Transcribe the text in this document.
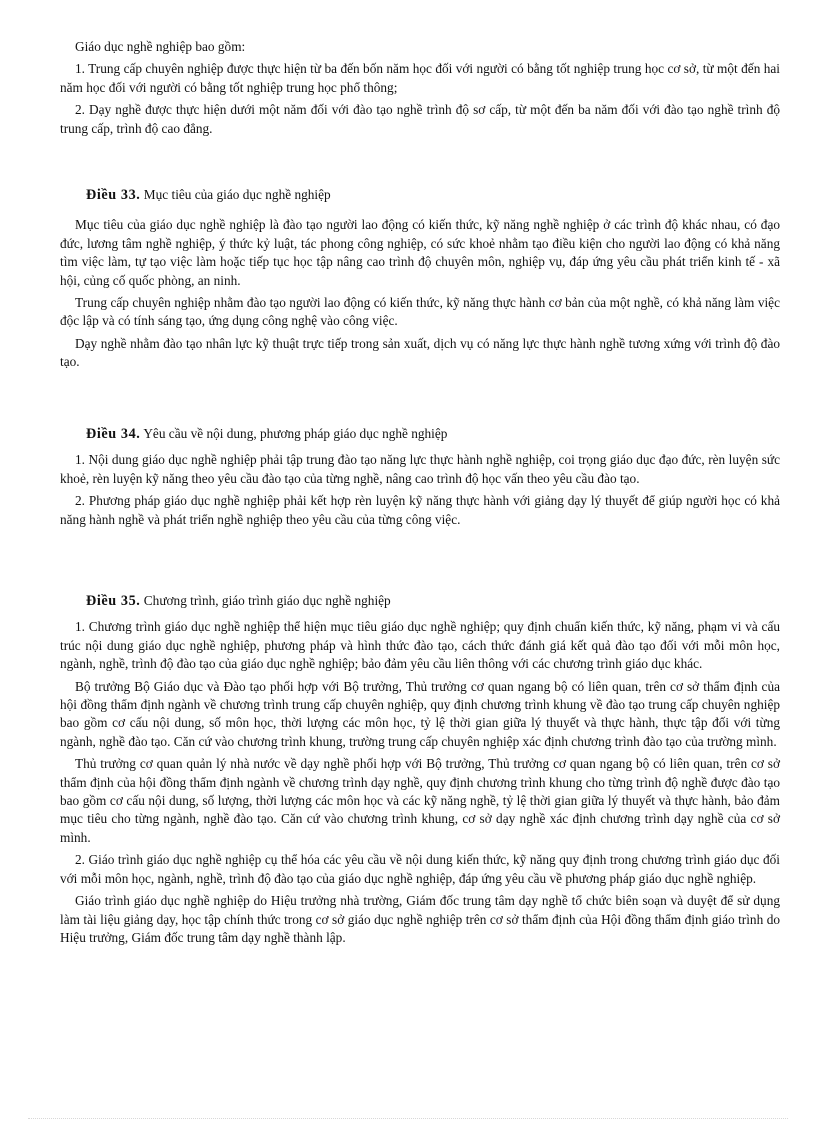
Giáo dục nghề nghiệp bao gồm:

1. Trung cấp chuyên nghiệp được thực hiện từ ba đến bốn năm học đối với người có bằng tốt nghiệp trung học cơ sở, từ một đến hai năm học đối với người có bằng tốt nghiệp trung học phổ thông;

2. Dạy nghề được thực hiện dưới một năm đối với đào tạo nghề trình độ sơ cấp, từ một đến ba năm đối với đào tạo nghề trình độ trung cấp, trình độ cao đẳng.

Điều 33. Mục tiêu của giáo dục nghề nghiệp

Mục tiêu của giáo dục nghề nghiệp là đào tạo người lao động có kiến thức, kỹ năng nghề nghiệp ở các trình độ khác nhau, có đạo đức, lương tâm nghề nghiệp, ý thức kỷ luật, tác phong công nghiệp, có sức khoẻ nhằm tạo điều kiện cho người lao động có khả năng tìm việc làm, tự tạo việc làm hoặc tiếp tục học tập nâng cao trình độ chuyên môn, nghiệp vụ, đáp ứng yêu cầu phát triển kinh tế - xã hội, củng cố quốc phòng, an ninh.

Trung cấp chuyên nghiệp nhằm đào tạo người lao động có kiến thức, kỹ năng thực hành cơ bản của một nghề, có khả năng làm việc độc lập và có tính sáng tạo, ứng dụng công nghệ vào công việc.

Dạy nghề nhằm đào tạo nhân lực kỹ thuật trực tiếp trong sản xuất, dịch vụ có năng lực thực hành nghề tương xứng với trình độ đào tạo.

Điều 34. Yêu cầu về nội dung, phương pháp giáo dục nghề nghiệp

1. Nội dung giáo dục nghề nghiệp phải tập trung đào tạo năng lực thực hành nghề nghiệp, coi trọng giáo dục đạo đức, rèn luyện sức khoẻ, rèn luyện kỹ năng theo yêu cầu đào tạo của từng nghề, nâng cao trình độ học vấn theo yêu cầu đào tạo.

2. Phương pháp giáo dục nghề nghiệp phải kết hợp rèn luyện kỹ năng thực hành với giảng dạy lý thuyết để giúp người học có khả năng hành nghề và phát triển nghề nghiệp theo yêu cầu của từng công việc.

Điều 35. Chương trình, giáo trình giáo dục nghề nghiệp

1. Chương trình giáo dục nghề nghiệp thể hiện mục tiêu giáo dục nghề nghiệp; quy định chuẩn kiến thức, kỹ năng, phạm vi và cấu trúc nội dung giáo dục nghề nghiệp, phương pháp và hình thức đào tạo, cách thức đánh giá kết quả đào tạo đối với mỗi môn học, ngành, nghề, trình độ đào tạo của giáo dục nghề nghiệp; bảo đảm yêu cầu liên thông với các chương trình giáo dục khác.

Bộ trưởng Bộ Giáo dục và Đào tạo phối hợp với Bộ trưởng, Thủ trưởng cơ quan ngang bộ có liên quan, trên cơ sở thẩm định của hội đồng thẩm định ngành về chương trình trung cấp chuyên nghiệp, quy định chương trình khung về đào tạo trung cấp chuyên nghiệp bao gồm cơ cấu nội dung, số môn học, thời lượng các môn học, tỷ lệ thời gian giữa lý thuyết và thực hành, thực tập đối với từng ngành, nghề đào tạo. Căn cứ vào chương trình khung, trường trung cấp chuyên nghiệp xác định chương trình đào tạo của trường mình.

Thủ trưởng cơ quan quản lý nhà nước về dạy nghề phối hợp với Bộ trưởng, Thủ trưởng cơ quan ngang bộ có liên quan, trên cơ sở thẩm định của hội đồng thẩm định ngành về chương trình dạy nghề, quy định chương trình khung cho từng trình độ nghề được đào tạo bao gồm cơ cấu nội dung, số lượng, thời lượng các môn học và các kỹ năng nghề, tỷ lệ thời gian giữa lý thuyết và thực hành, bảo đảm mục tiêu cho từng ngành, nghề đào tạo. Căn cứ vào chương trình khung, cơ sở dạy nghề xác định chương trình dạy nghề của cơ sở mình.

2. Giáo trình giáo dục nghề nghiệp cụ thể hóa các yêu cầu về nội dung kiến thức, kỹ năng quy định trong chương trình giáo dục đối với mỗi môn học, ngành, nghề, trình độ đào tạo của giáo dục nghề nghiệp, đáp ứng yêu cầu về phương pháp giáo dục nghề nghiệp.

Giáo trình giáo dục nghề nghiệp do Hiệu trưởng nhà trường, Giám đốc trung tâm dạy nghề tổ chức biên soạn và duyệt để sử dụng làm tài liệu giảng dạy, học tập chính thức trong cơ sở giáo dục nghề nghiệp trên cơ sở thẩm định của Hội đồng thẩm định giáo trình do Hiệu trưởng, Giám đốc trung tâm dạy nghề thành lập.
